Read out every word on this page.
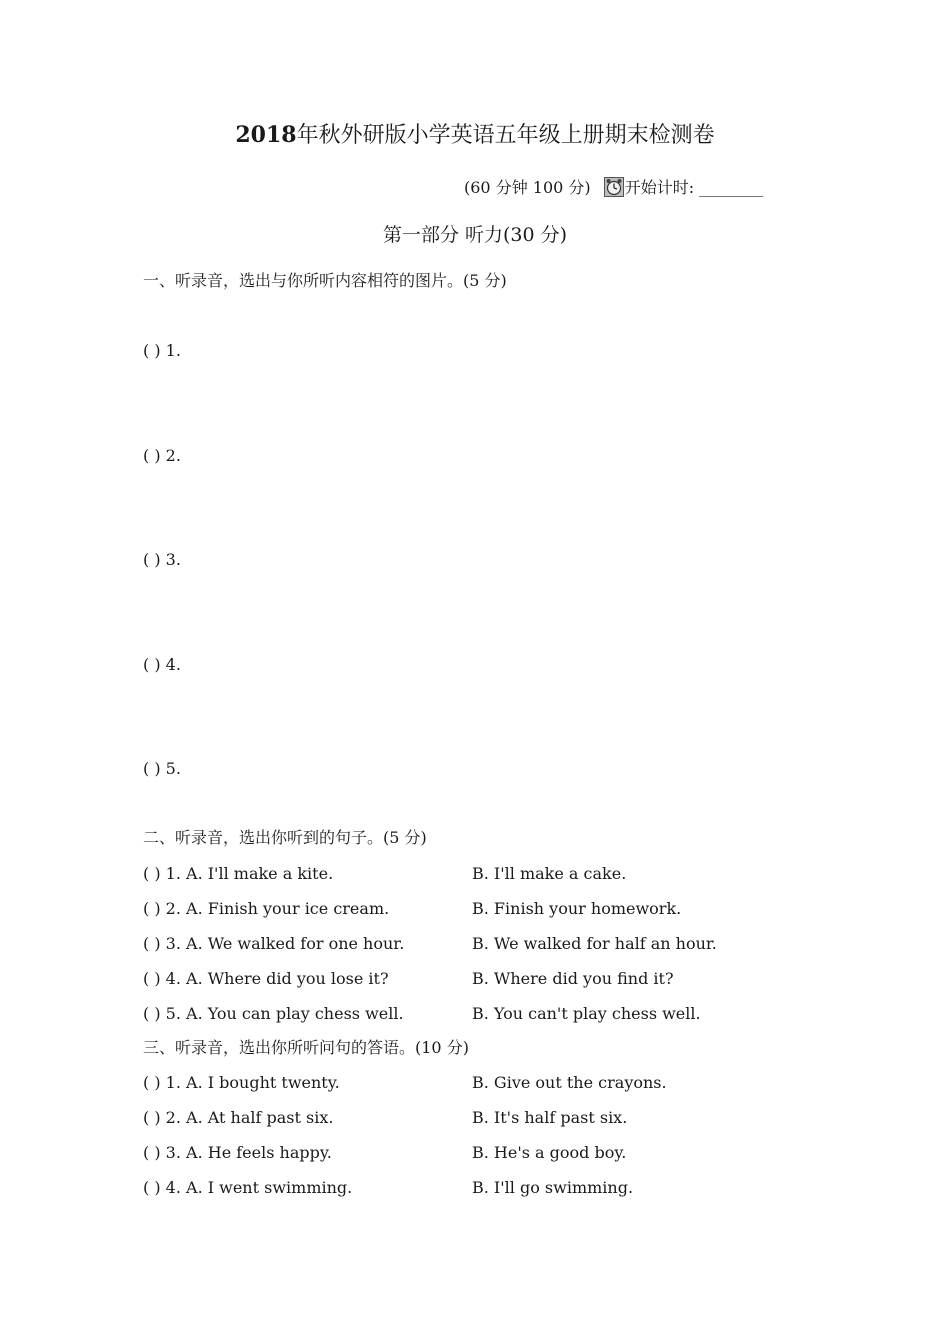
2018年秋外研版小学英语五年级上册期末检测卷
(60 分钟 100 分) 开始计时: ________
第一部分 听力(30 分)
一、听录音，选出与你所听内容相符的图片。(5 分)
( ) 1.
( ) 2.
( ) 3.
( ) 4.
( ) 5.
二、听录音，选出你听到的句子。(5 分)
( ) 1. A. I'll make a kite.	B. I'll make a cake.
( ) 2. A. Finish your ice cream.	B. Finish your homework.
( ) 3. A. We walked for one hour.	B. We walked for half an hour.
( ) 4. A. Where did you lose it?	B. Where did you find it?
( ) 5. A. You can play chess well.	B. You can't play chess well.
三、听录音，选出你所听问句的答语。(10 分)
( ) 1. A. I bought twenty.	B. Give out the crayons.
( ) 2. A. At half past six.	B. It's half past six.
( ) 3. A. He feels happy.	B. He's a good boy.
( ) 4. A. I went swimming.	B. I'll go swimming.
